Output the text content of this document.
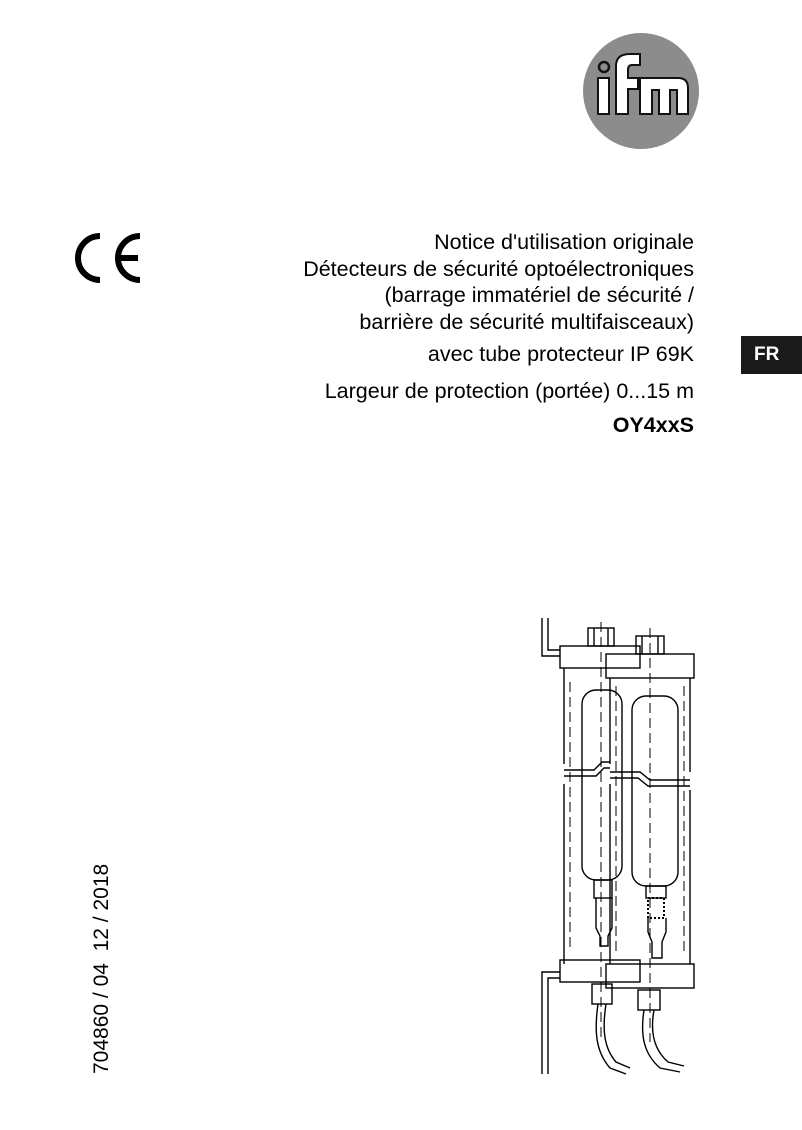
Notice d'utilisation originale
Détecteurs de sécurité optoélectroniques
(barrage immatériel de sécurité /
barrière de sécurité multifaisceaux)
avec tube protecteur IP 69K
Largeur de protection (portée) 0...15 m
OY4xxS
FR
704860 / 04  12 / 2018
